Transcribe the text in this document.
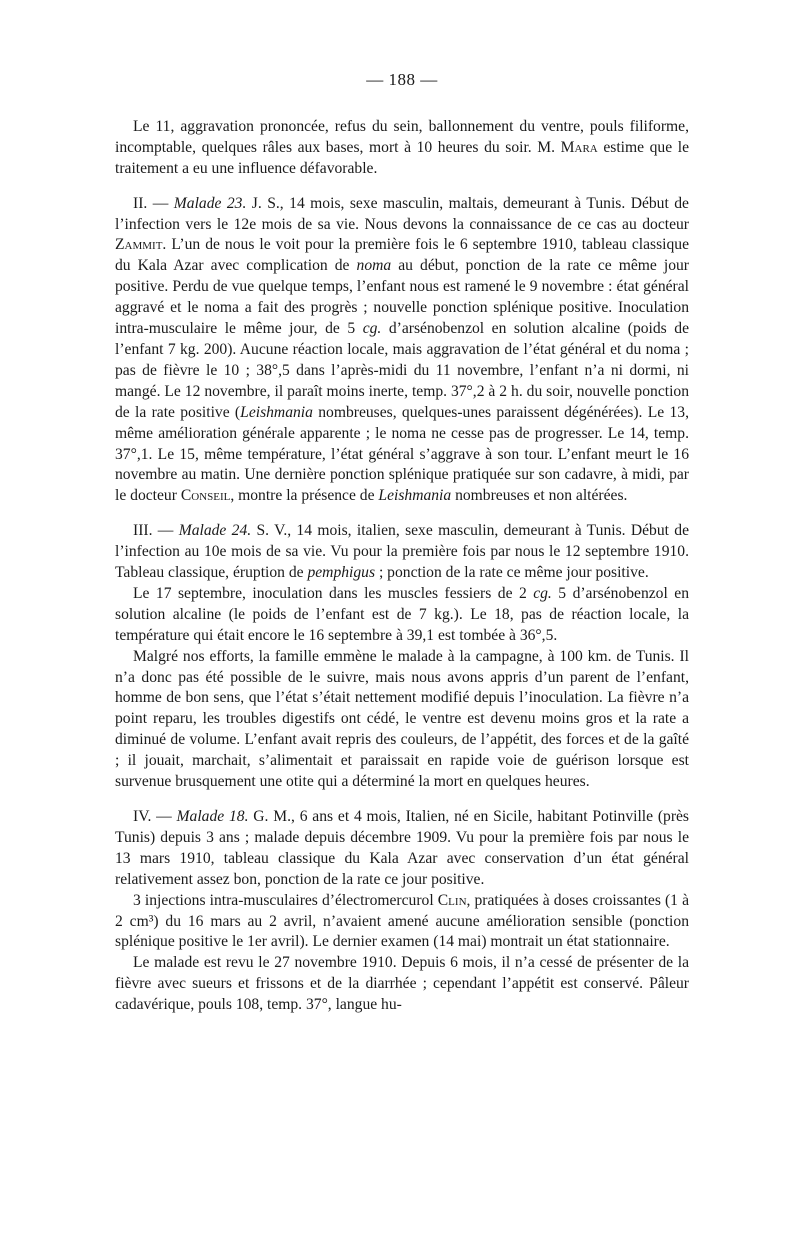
— 188 —

Le 11, aggravation prononcée, refus du sein, ballonnement du ventre, pouls filiforme, incomptable, quelques râles aux bases, mort à 10 heures du soir. M. Mara estime que le traitement a eu une influence défavorable.

II. — Malade 23. J. S., 14 mois, sexe masculin, maltais, demeurant à Tunis. Début de l’infection vers le 12e mois de sa vie. Nous devons la connaissance de ce cas au docteur Zammit. L’un de nous le voit pour la première fois le 6 septembre 1910, tableau classique du Kala Azar avec complication de noma au début, ponction de la rate ce même jour positive. Perdu de vue quelque temps, l’enfant nous est ramené le 9 novembre : état général aggravé et le noma a fait des progrès ; nouvelle ponction splénique positive. Inoculation intra-musculaire le même jour, de 5 cg. d’arsénobenzol en solution alcaline (poids de l’enfant 7 kg. 200). Aucune réaction locale, mais aggravation de l’état général et du noma ; pas de fièvre le 10 ; 38°,5 dans l’après-midi du 11 novembre, l’enfant n’a ni dormi, ni mangé. Le 12 novembre, il paraît moins inerte, temp. 37°,2 à 2 h. du soir, nouvelle ponction de la rate positive (Leishmania nombreuses, quelques-unes paraissent dégénérées). Le 13, même amélioration générale apparente ; le noma ne cesse pas de progresser. Le 14, temp. 37°,1. Le 15, même température, l’état général s’aggrave à son tour. L’enfant meurt le 16 novembre au matin. Une dernière ponction splénique pratiquée sur son cadavre, à midi, par le docteur Conseil, montre la présence de Leishmania nombreuses et non altérées.

III. — Malade 24. S. V., 14 mois, italien, sexe masculin, demeurant à Tunis. Début de l’infection au 10e mois de sa vie. Vu pour la première fois par nous le 12 septembre 1910. Tableau classique, éruption de pemphigus ; ponction de la rate ce même jour positive.

Le 17 septembre, inoculation dans les muscles fessiers de 2 cg. 5 d’arsénobenzol en solution alcaline (le poids de l’enfant est de 7 kg.). Le 18, pas de réaction locale, la température qui était encore le 16 septembre à 39,1 est tombée à 36°,5.

Malgré nos efforts, la famille emmène le malade à la campagne, à 100 km. de Tunis. Il n’a donc pas été possible de le suivre, mais nous avons appris d’un parent de l’enfant, homme de bon sens, que l’état s’était nettement modifié depuis l’inoculation. La fièvre n’a point reparu, les troubles digestifs ont cédé, le ventre est devenu moins gros et la rate a diminué de volume. L’enfant avait repris des couleurs, de l’appétit, des forces et de la gaîté ; il jouait, marchait, s’alimentait et paraissait en rapide voie de guérison lorsque est survenue brusquement une otite qui a déterminé la mort en quelques heures.

IV. — Malade 18. G. M., 6 ans et 4 mois, Italien, né en Sicile, habitant Potinville (près Tunis) depuis 3 ans ; malade depuis décembre 1909. Vu pour la première fois par nous le 13 mars 1910, tableau classique du Kala Azar avec conservation d’un état général relativement assez bon, ponction de la rate ce jour positive.

3 injections intra-musculaires d’électromercurol Clin, pratiquées à doses croissantes (1 à 2 cm³) du 16 mars au 2 avril, n’avaient amené aucune amélioration sensible (ponction splénique positive le 1er avril). Le dernier examen (14 mai) montrait un état stationnaire.

Le malade est revu le 27 novembre 1910. Depuis 6 mois, il n’a cessé de présenter de la fièvre avec sueurs et frissons et de la diarrhée ; cependant l’appétit est conservé. Pâleur cadavérique, pouls 108, temp. 37°, langue hu-
